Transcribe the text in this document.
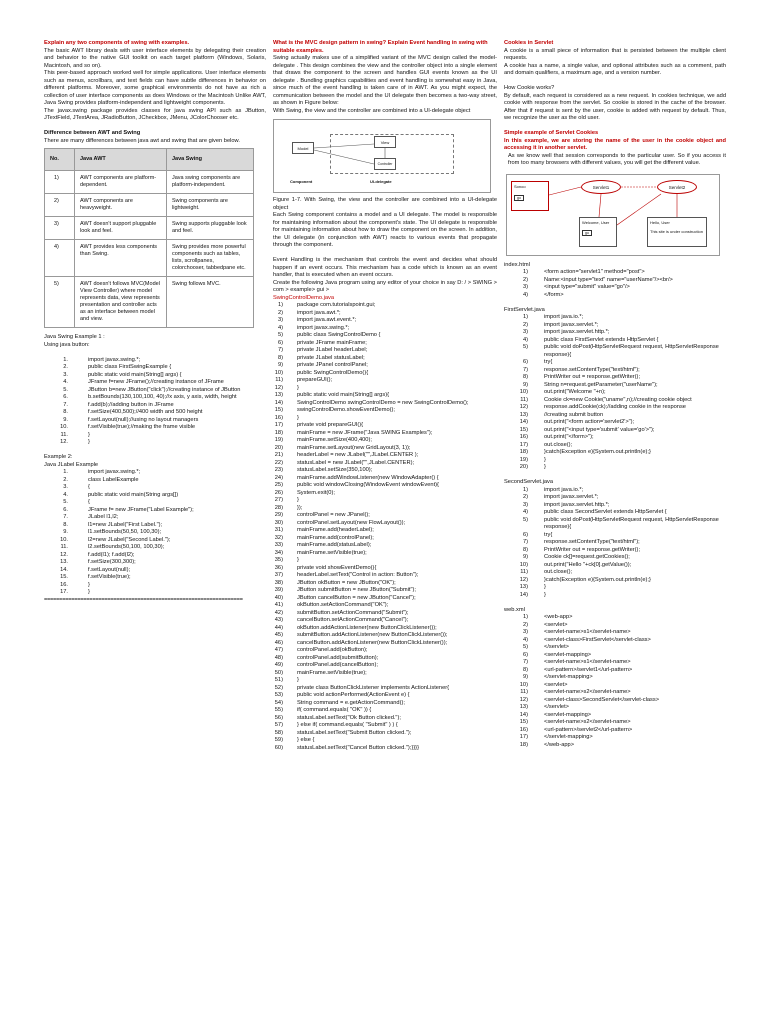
Explain any two components of swing with examples.
The basic AWT library deals with user interface elements by delegating their creation and behavior to the native GUI toolkit on each target platform (Windows, Solaris, Macintosh, and so on).
This peer-based approach worked well for simple applications. User interface elements such as menus, scrollbars, and text fields can have subtle differences in behavior on different platforms. Moreover, some graphical environments do not have as rich a collection of user interface components as does Windows or the Macintosh Unlike AWT, Java Swing provides platform-independent and lightweight components.
The javax.swing package provides classes for java swing API such as JButton, JTextField, JTextArea, JRadioButton, JCheckbox, JMenu, JColorChooser etc.
Difference between AWT and Swing
There are many differences between java awt and swing that are given below.
No.	Java AWT	Java Swing
1)	AWT components are platform-dependent.	Java swing components are platform-independent.
2)	AWT components are heavyweight.	Swing components are lightweight.
3)	AWT doesn't support pluggable look and feel.	Swing supports pluggable look and feel.
4)	AWT provides less components than Swing.	Swing provides more powerful components such as tables, lists, scrollpanes, colorchooser, tabbedpane etc.
5)	AWT doesn't follows MVC(Model View Controller) where model represents data, view represents presentation and controller acts as an interface between model and view.	Swing follows MVC.
Java Swing Example 1 :
Using java button:
1.	import javax.swing.*;
2.	public class FirstSwingExample {
3.	public static void main(String[] args) {
4.	JFrame f=new JFrame();//creating instance of JFrame
5.	JButton b=new JButton("click");//creating instance of JButton
6.	b.setBounds(130,100,100, 40);//x axis, y axis, width, height
7.	f.add(b);//adding button in JFrame
8.	f.setSize(400,500);//400 width and 500 height
9.	f.setLayout(null);//using no layout managers
10.	f.setVisible(true);//making the frame visible
11.	}
12.	}
Example 2:
Java JLabel Example
1.	import javax.swing.*;
2.	class LabelExample
3.	{
4.	public static void main(String args[])
5.	{
6.	JFrame f= new JFrame("Label Example");
7.	JLabel l1,l2;
8.	l1=new JLabel("First Label.");
9.	l1.setBounds(50,50, 100,30);
10.	l2=new JLabel("Second Label.");
11.	l2.setBounds(50,100, 100,30);
12.	f.add(l1); f.add(l2);
13.	f.setSize(300,300);
14.	f.setLayout(null);
15.	f.setVisible(true);
16.	}
17.	}
==================================================================
What is the MVC design pattern in swing? Explain Event handling in swing with suitable examples.
Swing actually makes use of a simplified variant of the MVC design called the model-delegate . This design combines the view and the controller object into a single element that draws the component to the screen and handles GUI events known as the UI delegate . Bundling graphics capabilities and event handling is somewhat easy in Java, since much of the event handling is taken care of in AWT. As you might expect, the communication between the model and the UI delegate then becomes a two-way street, as shown in Figure below:
With Swing, the view and the controller are combined into a UI-delegate object
Model
View
Controller
Component	UI-delegate
Figure 1-7. With Swing, the view and the controller are combined into a UI-delegate object
Each Swing component contains a model and a UI delegate. The model is responsible for maintaining information about the component's state. The UI delegate is responsible for maintaining information about how to draw the component on the screen. In addition, the UI delegate (in conjunction with AWT) reacts to various events that propagate through the component.
Event Handling is the mechanism that controls the event and decides what should happen if an event occurs. This mechanism has a code which is known as an event handler, that is executed when an event occurs.
Create the following Java program using any editor of your choice in say D: / > SWING > com > example> gui >
SwingControlDemo.java
1)	package com.tutorialspoint.gui;
2)	import java.awt.*;
3)	import java.awt.event.*;
4)	import javax.swing.*;
5)	public class SwingControlDemo {
6)	private JFrame mainFrame;
7)	private JLabel headerLabel;
8)	private JLabel statusLabel;
9)	private JPanel controlPanel;
10)	public SwingControlDemo(){
11)	prepareGUI();
12)	}
13)	public static void main(String[] args){
14)	SwingControlDemo swingControlDemo = new SwingControlDemo();
15)	swingControlDemo.showEventDemo();
16)	}
17)	private void prepareGUI(){
18)	mainFrame = new JFrame("Java SWING Examples");
19)	mainFrame.setSize(400,400);
20)	mainFrame.setLayout(new GridLayout(3, 1));
21)	headerLabel = new JLabel("",JLabel.CENTER );
22)	statusLabel = new JLabel("",JLabel.CENTER);
23)	statusLabel.setSize(350,100);
24)	mainFrame.addWindowListener(new WindowAdapter() {
25)	public void windowClosing(WindowEvent windowEvent){
26)	System.exit(0);
27)	}
28)	});
29)	controlPanel = new JPanel();
30)	controlPanel.setLayout(new FlowLayout());
31)	mainFrame.add(headerLabel);
32)	mainFrame.add(controlPanel);
33)	mainFrame.add(statusLabel);
34)	mainFrame.setVisible(true);
35)	}
36)	private void showEventDemo(){
37)	headerLabel.setText("Control in action: Button");
38)	JButton okButton = new JButton("OK");
39)	JButton submitButton = new JButton("Submit");
40)	JButton cancelButton = new JButton("Cancel");
41)	okButton.setActionCommand("OK");
42)	submitButton.setActionCommand("Submit");
43)	cancelButton.setActionCommand("Cancel");
44)	okButton.addActionListener(new ButtonClickListener());
45)	submitButton.addActionListener(new ButtonClickListener());
46)	cancelButton.addActionListener(new ButtonClickListener());
47)	controlPanel.add(okButton);
48)	controlPanel.add(submitButton);
49)	controlPanel.add(cancelButton);
50)	mainFrame.setVisible(true);
51)	}
52)	private class ButtonClickListener implements ActionListener{
53)	public void actionPerformed(ActionEvent e) {
54)	String command = e.getActionCommand();
55)	if( command.equals( "OK" )) {
56)	statusLabel.setText("Ok Button clicked.");
57)	} else if( command.equals( "Submit" ) ) {
58)	statusLabel.setText("Submit Button clicked.");
59)	} else {
60)	statusLabel.setText("Cancel Button clicked.");}}}}
Cookies in Servlet
A cookie is a small piece of information that is persisted between the multiple client requests.
A cookie has a name, a single value, and optional attributes such as a comment, path and domain qualifiers, a maximum age, and a version number.
How Cookie works?
By default, each request is considered as a new request. In cookies technique, we add cookie with response from the servlet. So cookie is stored in the cache of the browser. After that if request is sent by the user, cookie is added with request by default. Thus, we recognize the user as the old user.
Simple example of Servlet Cookies
In this example, we are storing the name of the user in the cookie object and accessing it in another servlet.
As we know well that session corresponds to the particular user. So if you access it from too many browsers with different values, you will get the different value.
Sonoo
go
Servlet1	Servlet2
Welcome, User
go
Hello, User
This site is under construction
index.html
1)	<form action="servlet1" method="post">
2)	Name:<input type="text" name="userName"/><br/>
3)	<input type="submit" value="go"/>
4)	</form>
FirstServlet.java
1)	import java.io.*;
2)	import javax.servlet.*;
3)	import javax.servlet.http.*;
4)	public class FirstServlet extends HttpServlet {
5)	public void doPost(HttpServletRequest request, HttpServletResponse response){
6)	try{
7)	response.setContentType("text/html");
8)	PrintWriter out = response.getWriter();
9)	String n=request.getParameter("userName");
10)	out.print("Welcome "+n);
11)	Cookie ck=new Cookie("uname",n);//creating cookie object
12)	response.addCookie(ck);//adding cookie in the response
13)	//creating submit button
14)	out.print("<form action='servlet2'>");
15)	out.print("<input type='submit' value='go'>");
16)	out.print("</form>");
17)	out.close();
18)	}catch(Exception e){System.out.println(e);}
19)	}
20)	}
SecondServlet.java
1)	import java.io.*;
2)	import javax.servlet.*;
3)	import javax.servlet.http.*;
4)	public class SecondServlet extends HttpServlet {
5)	public void doPost(HttpServletRequest request, HttpServletResponse response){
6)	try{
7)	response.setContentType("text/html");
8)	PrintWriter out = response.getWriter();
9)	Cookie ck[]=request.getCookies();
10)	out.print("Hello "+ck[0].getValue());
11)	out.close();
12)	}catch(Exception e){System.out.println(e);}
13)	}
14)	}
web.xml
1)	<web-app>
2)	<servlet>
3)	<servlet-name>s1</servlet-name>
4)	<servlet-class>FirstServlet</servlet-class>
5)	</servlet>
6)	<servlet-mapping>
7)	<servlet-name>s1</servlet-name>
8)	<url-pattern>/servlet1</url-pattern>
9)	</servlet-mapping>
10)	<servlet>
11)	<servlet-name>s2</servlet-name>
12)	<servlet-class>SecondServlet</servlet-class>
13)	</servlet>
14)	<servlet-mapping>
15)	<servlet-name>s2</servlet-name>
16)	<url-pattern>/servlet2</url-pattern>
17)	</servlet-mapping>
18)	</web-app>
